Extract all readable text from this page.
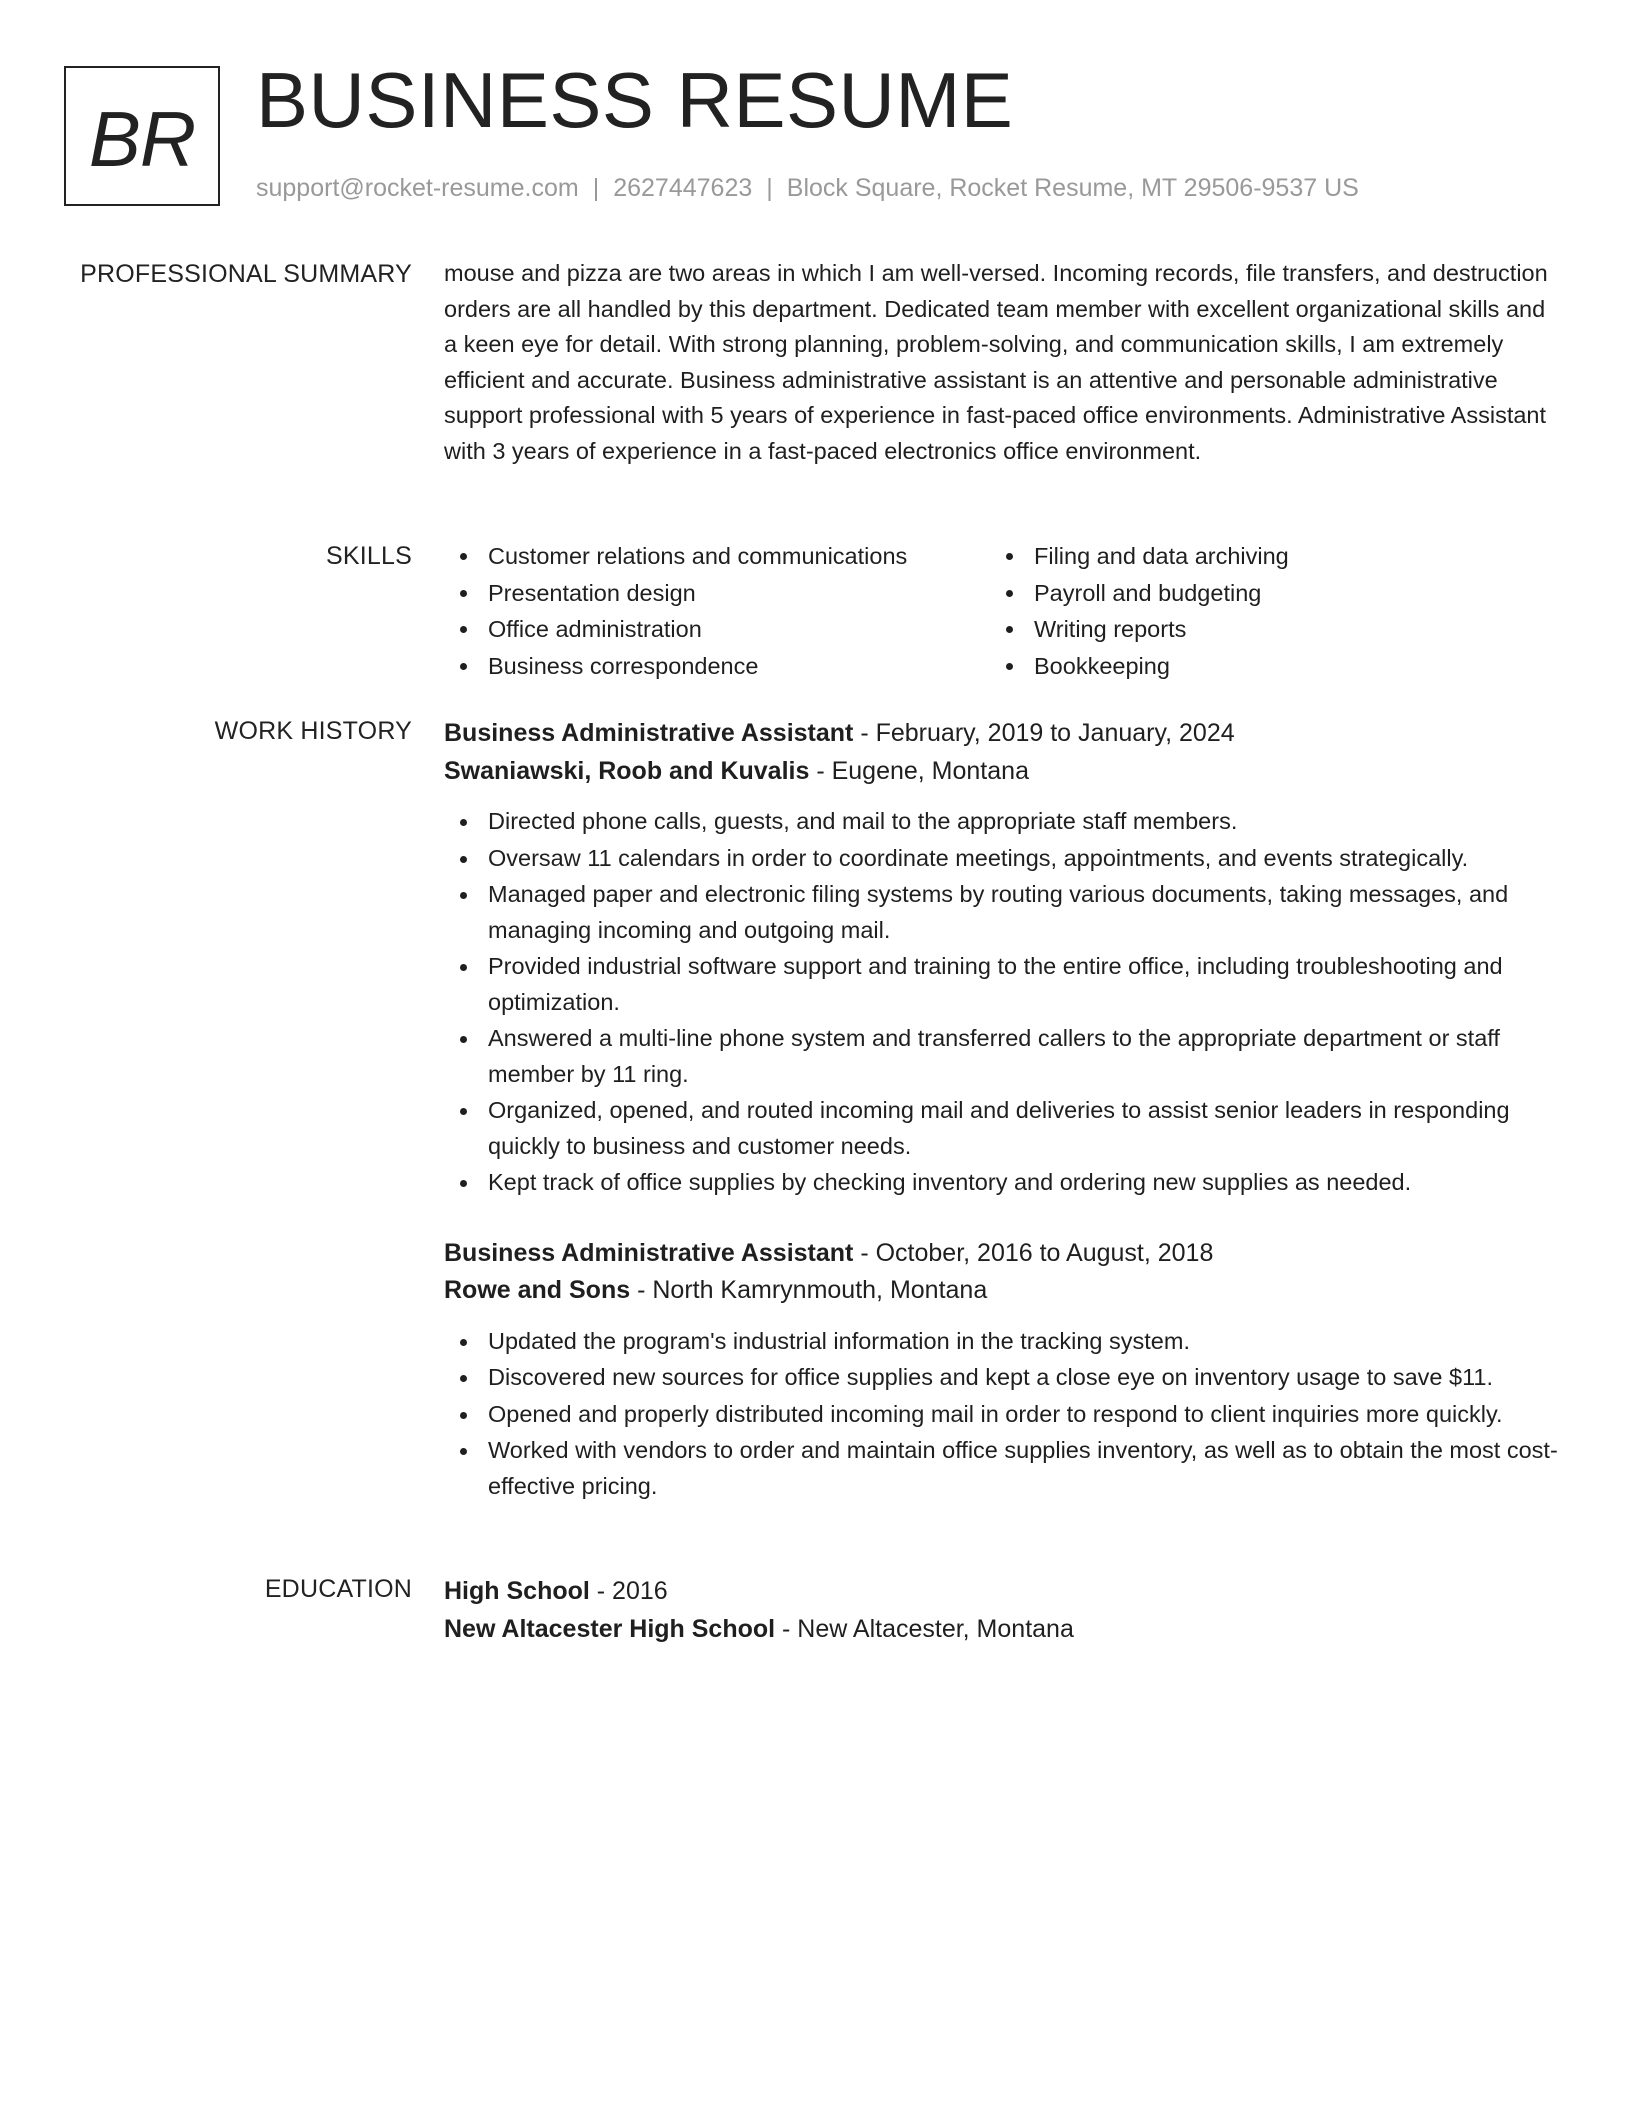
BR BUSINESS RESUME
support@rocket-resume.com | 2627447623 | Block Square, Rocket Resume, MT 29506-9537 US
PROFESSIONAL SUMMARY mouse and pizza are two areas in which I am well-versed. Incoming records, file transfers, and destruction orders are all handled by this department. Dedicated team member with excellent organizational skills and a keen eye for detail. With strong planning, problem-solving, and communication skills, I am extremely efficient and accurate. Business administrative assistant is an attentive and personable administrative support professional with 5 years of experience in fast-paced office environments. Administrative Assistant with 3 years of experience in a fast-paced electronics office environment.

SKILLS	Customer relations and communications
Presentation design
Office administration
Business correspondence
Filing and data archiving
Payroll and budgeting
Writing reports
Bookkeeping
WORK HISTORY Business Administrative Assistant - February, 2019 to January, 2024
Swaniawski, Roob and Kuvalis - Eugene, Montana
Directed phone calls, guests, and mail to the appropriate staff members.
Oversaw 11 calendars in order to coordinate meetings, appointments, and events strategically.
Managed paper and electronic filing systems by routing various documents, taking messages, and managing incoming and outgoing mail.
Provided industrial software support and training to the entire office, including troubleshooting and optimization.
Answered a multi-line phone system and transferred callers to the appropriate department or staff member by 11 ring.
Organized, opened, and routed incoming mail and deliveries to assist senior leaders in responding quickly to business and customer needs.
Kept track of office supplies by checking inventory and ordering new supplies as needed.
Business Administrative Assistant - October, 2016 to August, 2018
Rowe and Sons - North Kamrynmouth, Montana
Updated the program's industrial information in the tracking system.
Discovered new sources for office supplies and kept a close eye on inventory usage to save $11.
Opened and properly distributed incoming mail in order to respond to client inquiries more quickly.
Worked with vendors to order and maintain office supplies inventory, as well as to obtain the most cost-effective pricing.
EDUCATION High School - 2016
New Altacester High School - New Altacester, Montana
